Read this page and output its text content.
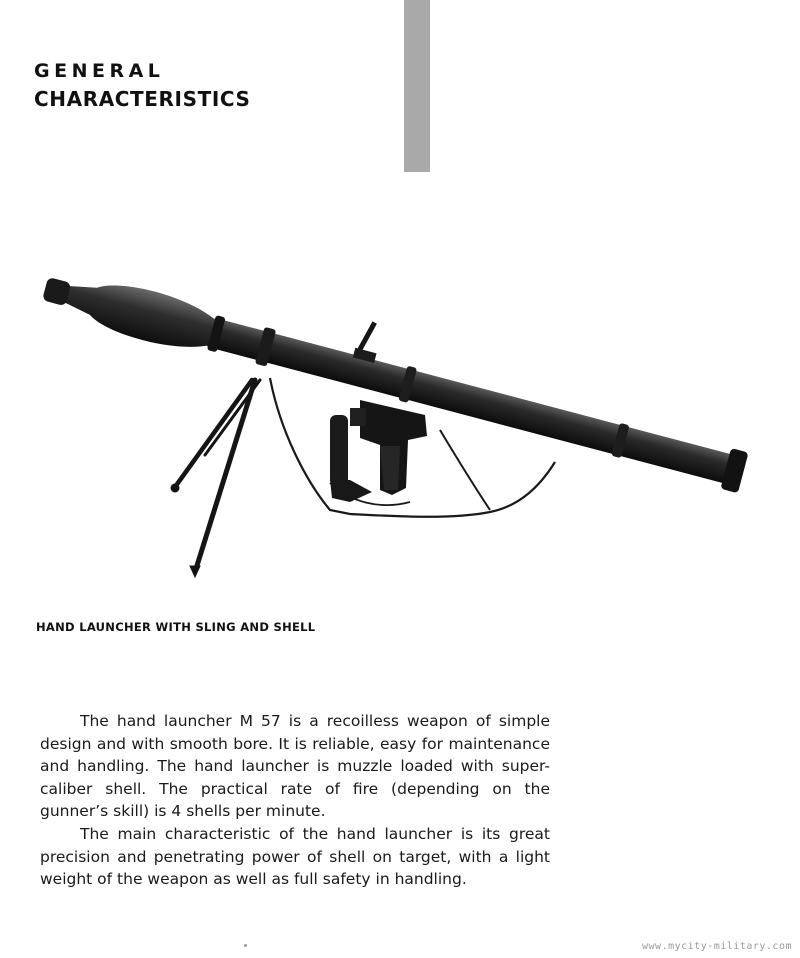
GENERAL
CHARACTERISTICS
HAND LAUNCHER WITH SLING AND SHELL

The hand launcher M 57 is a recoilless weapon of simple design and with smooth bore. It is reliable, easy for maintenance and handling. The hand launcher is muzzle loaded with super-caliber shell. The practical rate of fire (depending on the gunner’s skill) is 4 shells per minute.

The main characteristic of the hand launcher is its great precision and penetrating power of shell on target, with a light weight of the weapon as well as full safety in handling.

www.mycity-military.com
